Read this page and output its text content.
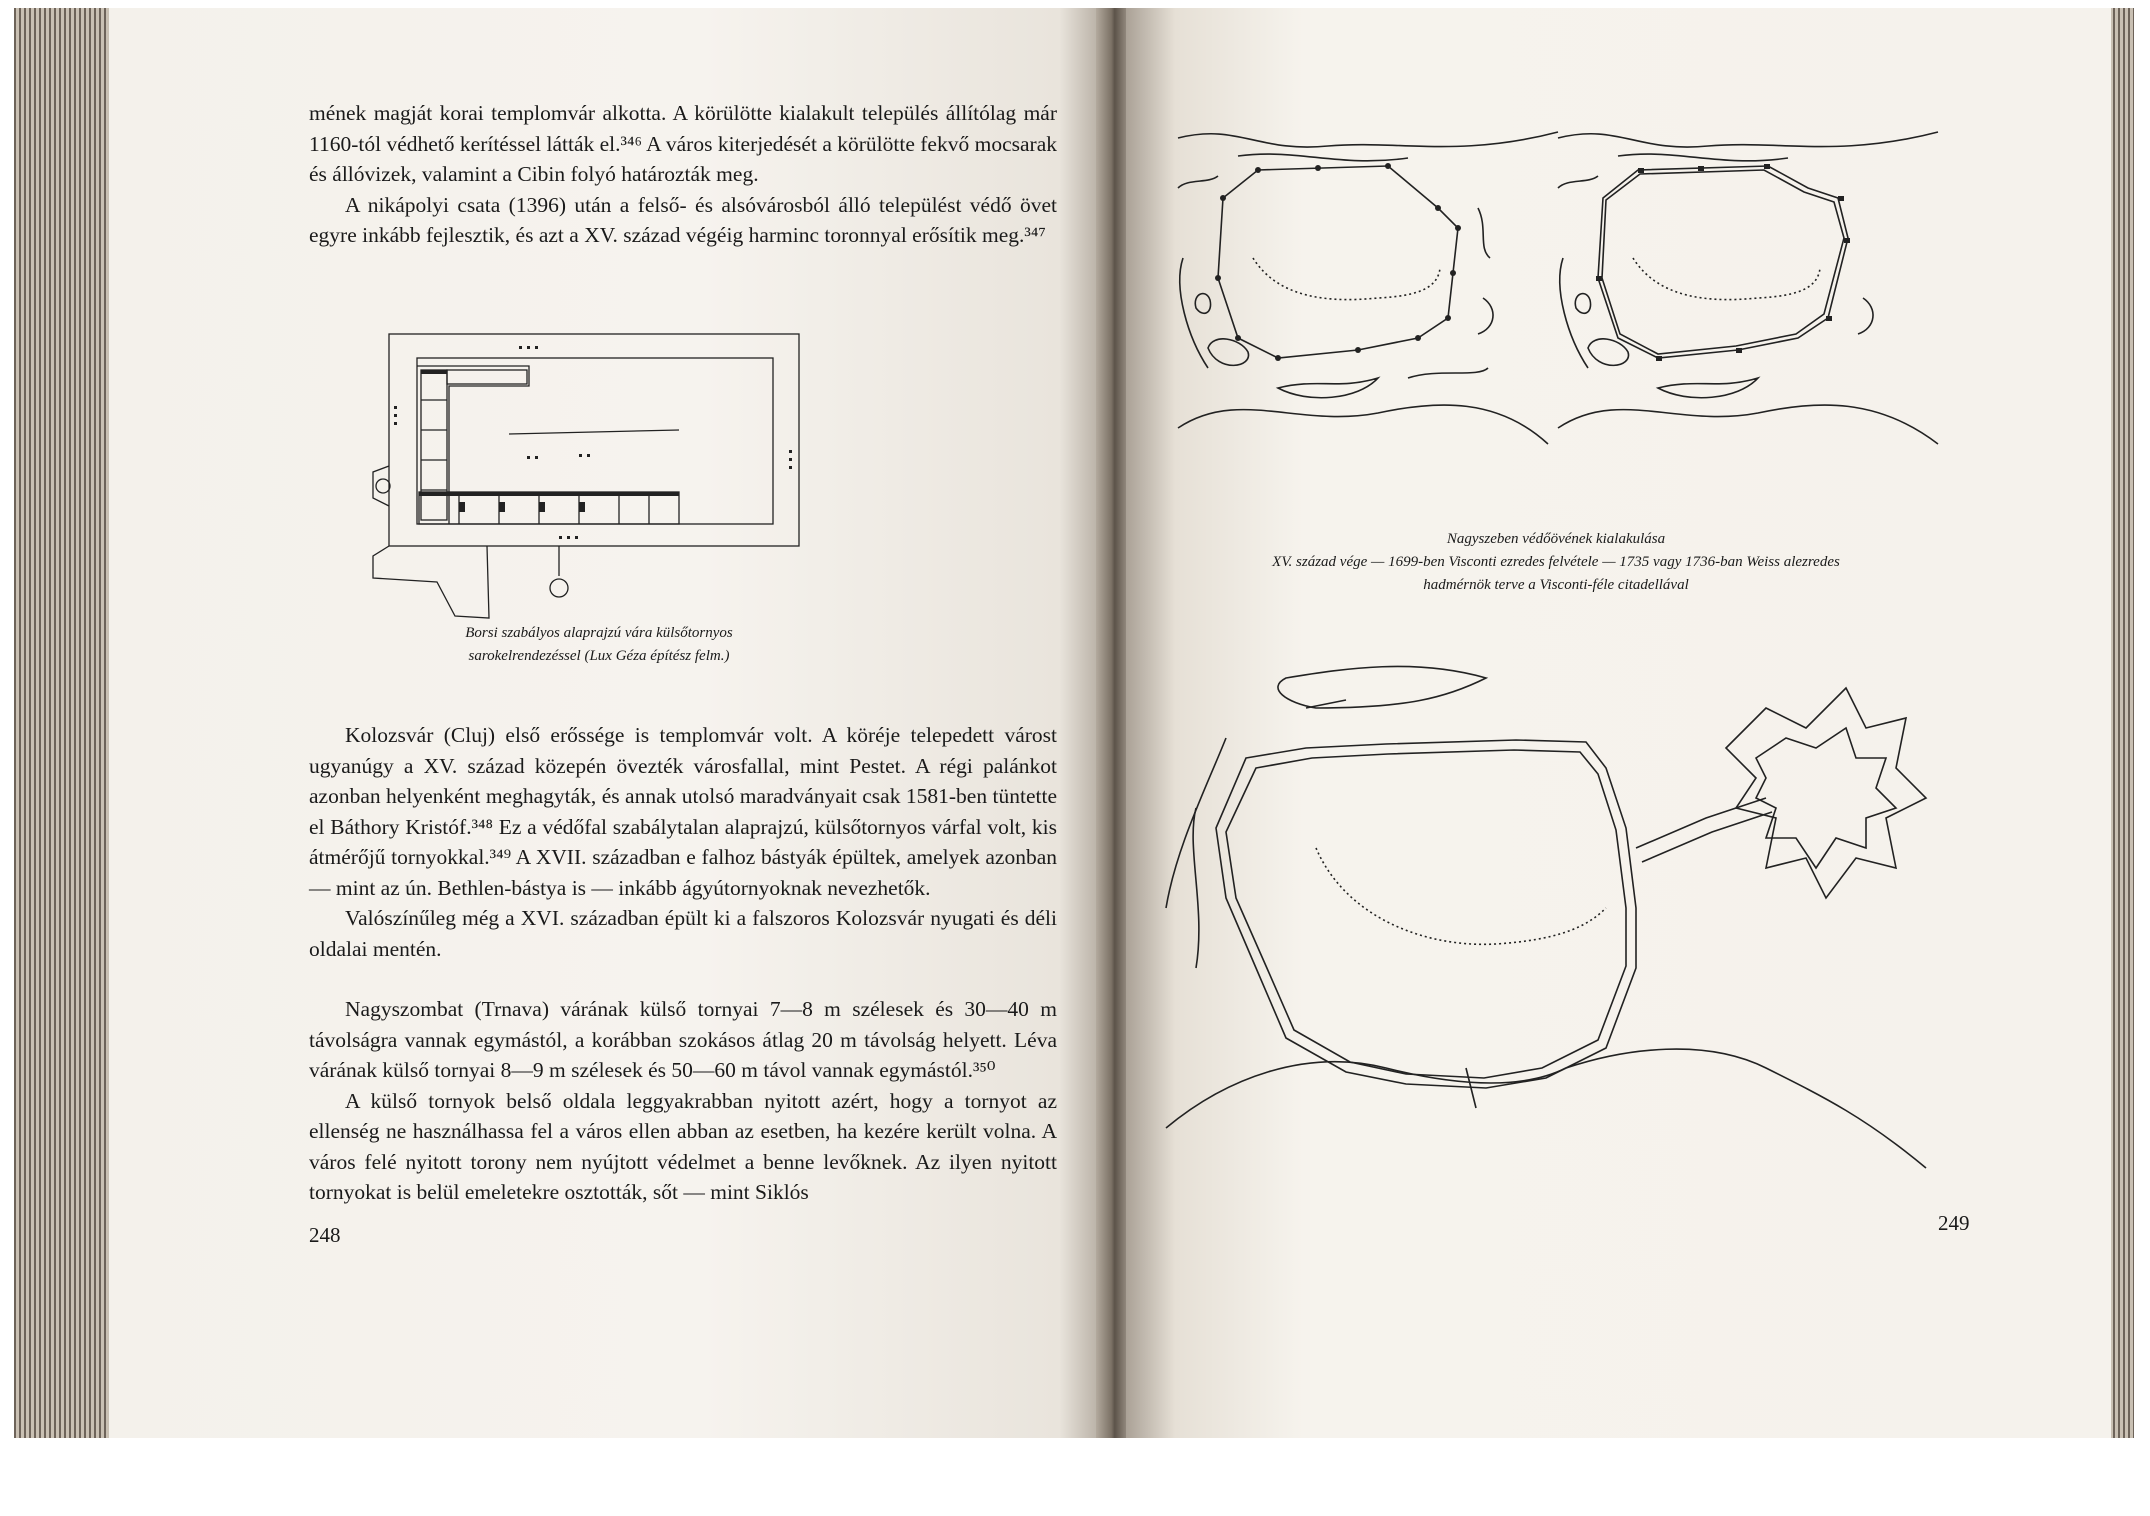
mének magját korai templomvár alkotta. A körülötte kialakult település állítólag már 1160-tól védhető kerítéssel látták el.³⁴⁶ A város kiterjedését a körülötte fekvő mocsarak és állóvizek, valamint a Cibin folyó határozták meg.

A nikápolyi csata (1396) után a felső- és alsóvárosból álló települést védő övet egyre inkább fejlesztik, és azt a XV. század végéig harminc toronnyal erősítik meg.³⁴⁷

Borsi szabályos alaprajzú vára külsőtornyos sarokelrendezéssel (Lux Géza építész felm.)

Kolozsvár (Cluj) első erőssége is templomvár volt. A köréje telepedett várost ugyanúgy a XV. század közepén övezték városfallal, mint Pestet. A régi palánkot azonban helyenként meghagyták, és annak utolsó maradványait csak 1581-ben tüntette el Báthory Kristóf.³⁴⁸ Ez a védőfal szabálytalan alaprajzú, külsőtornyos várfal volt, kis átmérőjű tornyokkal.³⁴⁹ A XVII. században e falhoz bástyák épültek, amelyek azonban — mint az ún. Bethlen-bástya is — inkább ágyútornyoknak nevezhetők.

Valószínűleg még a XVI. században épült ki a falszoros Kolozsvár nyugati és déli oldalai mentén.

Nagyszombat (Trnava) várának külső tornyai 7—8 m szélesek és 30—40 m távolságra vannak egymástól, a korábban szokásos átlag 20 m távolság helyett. Léva várának külső tornyai 8—9 m szélesek és 50—60 m távol vannak egymástól.³⁵⁰

A külső tornyok belső oldala leggyakrabban nyitott azért, hogy a tornyot az ellenség ne használhassa fel a város ellen abban az esetben, ha kezére került volna. A város felé nyitott torony nem nyújtott védelmet a benne levőknek. Az ilyen nyitott tornyokat is belül emeletekre osztották, sőt — mint Siklós

248
Nagyszeben védőövének kialakulása
XV. század vége — 1699-ben Visconti ezredes felvétele — 1735 vagy 1736-ban Weiss alezredes hadmérnök terve a Visconti-féle citadellával
249
